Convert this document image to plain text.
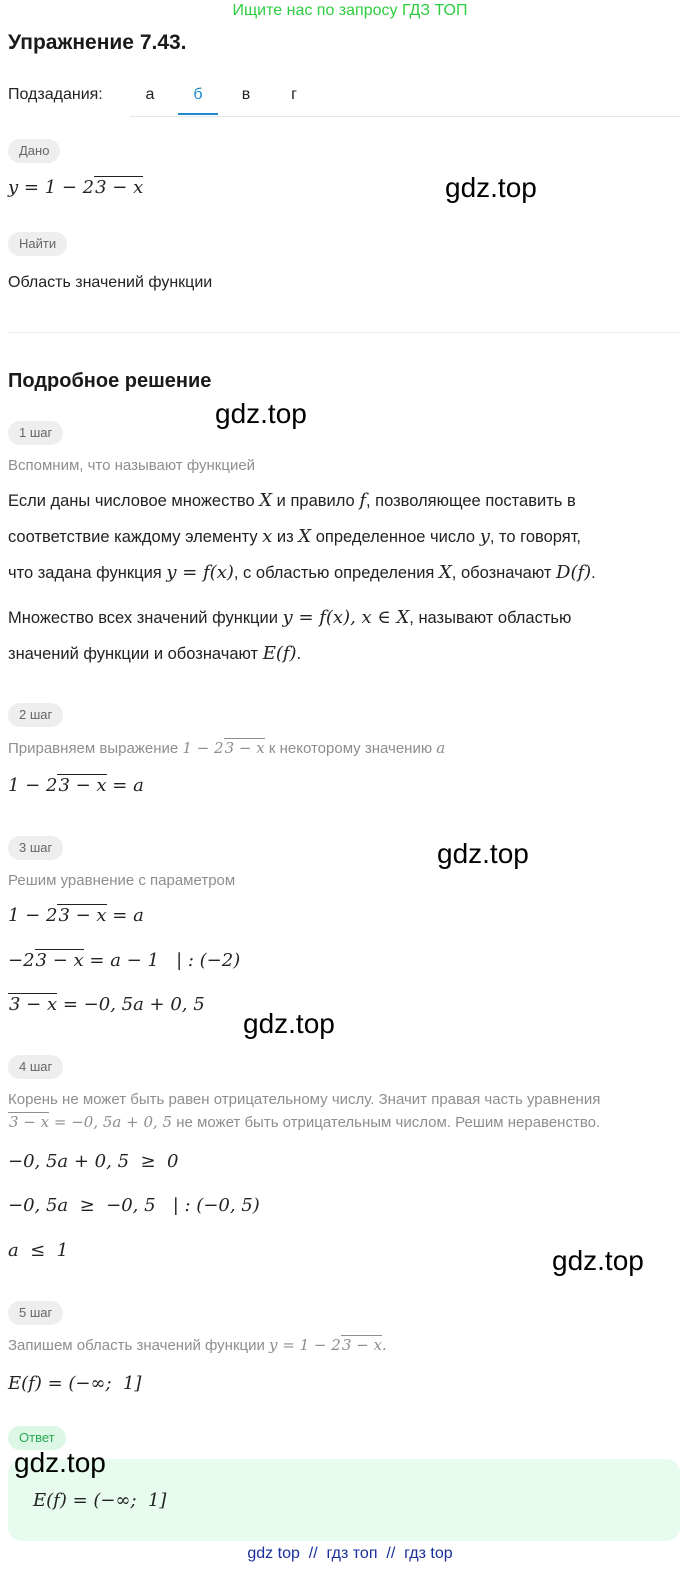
Ищите нас по запросу ГДЗ ТОП
Упражнение 7.43.
Подзадания:	а	б	в	г
Дано
y = 1 − 23 − x	gdz.top
Найти
Область значений функции
Подробное решение
gdz.top
1 шаг
Вспомним, что называют функцией
Если даны числовое множество X и правило f, позволяющее поставить в
соответствие каждому элементу x из X определенное число y, то говорят,
что задана функция y = f(x), с областью определения X, обозначают D(f).
Множество всех значений функции y = f(x), x ∈ X, называют областью
значений функции и обозначают E(f).
2 шаг
Приравняем выражение 1 − 23 − x к некоторому значению a
1 − 23 − x = a
3 шаг	gdz.top
Решим уравнение с параметром
1 − 23 − x = a
−23 − x = a − 1   | : (−2)
3 − x = −0, 5a + 0, 5
gdz.top
4 шаг
Корень не может быть равен отрицательному числу. Значит правая часть уравнения
3 − x = −0, 5a + 0, 5 не может быть отрицательным числом. Решим неравенство.
−0, 5a + 0, 5  ≥  0
−0, 5a  ≥  −0, 5   | : (−0, 5)
a  ≤  1	gdz.top
5 шаг
Запишем область значений функции y = 1 − 23 − x.
E(f) = (−∞;  1]
Ответ
gdz.top
E(f) = (−∞;  1]
gdz top  //  гдз топ  //  гдз top
